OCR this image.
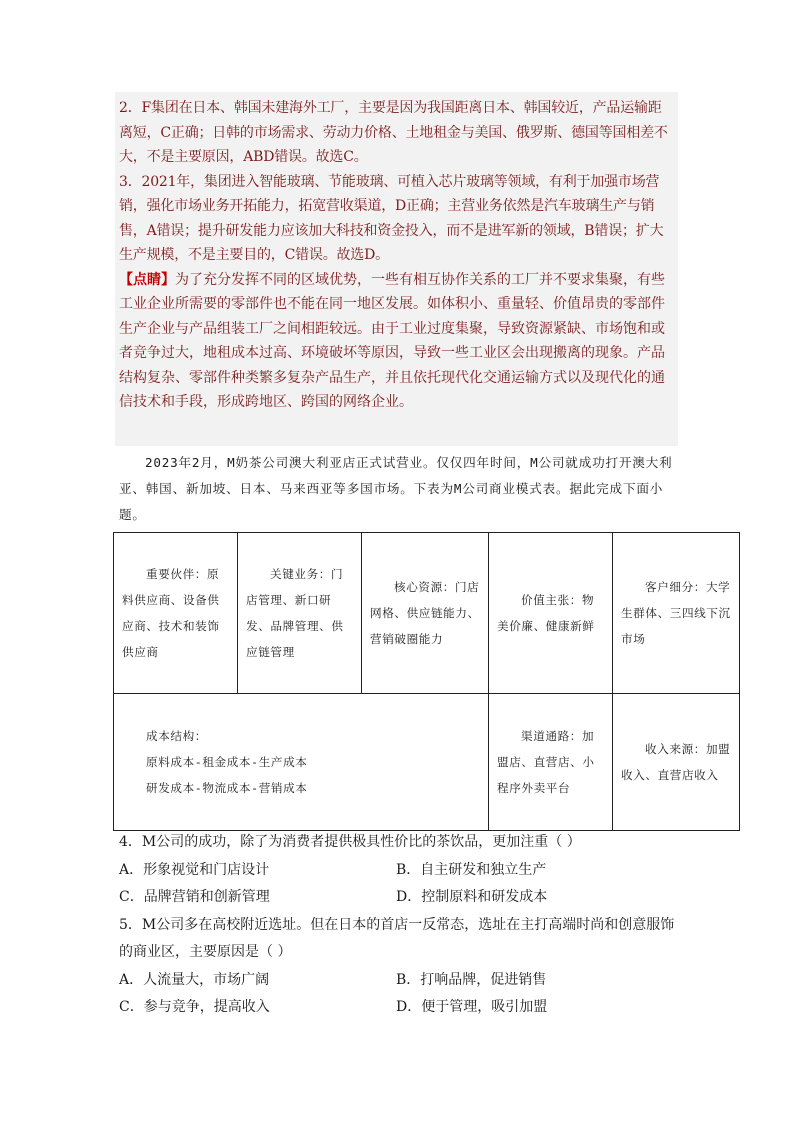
2．F集团在日本、韩国未建海外工厂，主要是因为我国距离日本、韩国较近，产品运输距离短，C正确；日韩的市场需求、劳动力价格、土地租金与美国、俄罗斯、德国等国相差不大，不是主要原因，ABD错误。故选C。

3．2021年，集团进入智能玻璃、节能玻璃、可植入芯片玻璃等领域，有利于加强市场营销，强化市场业务开拓能力，拓宽营收渠道，D正确；主营业务依然是汽车玻璃生产与销售，A错误；提升研发能力应该加大科技和资金投入，而不是进军新的领域，B错误；扩大生产规模，不是主要目的，C错误。故选D。

【点睛】为了充分发挥不同的区域优势，一些有相互协作关系的工厂并不要求集聚，有些工业企业所需要的零部件也不能在同一地区发展。如体积小、重量轻、价值昂贵的零部件生产企业与产品组装工厂之间相距较远。由于工业过度集聚，导致资源紧缺、市场饱和或者竞争过大，地租成本过高、环境破坏等原因，导致一些工业区会出现搬离的现象。产品结构复杂、零部件种类繁多复杂产品生产，并且依托现代化交通运输方式以及现代化的通信技术和手段，形成跨地区、跨国的网络企业。

2023年2月，M奶茶公司澳大利亚店正式试营业。仅仅四年时间，M公司就成功打开澳大利亚、韩国、新加坡、日本、马来西亚等多国市场。下表为M公司商业模式表。据此完成下面小题。
重要伙伴：原料供应商、设备供应商、技术和装饰供应商	关键业务：门店管理、新口研发、品牌管理、供应链管理	核心资源：门店网格、供应链能力、营销破圈能力	价值主张：物美价廉、健康新鲜	客户细分：大学生群体、三四线下沉市场

成本结构：
原料成本-租金成本-生产成本
研发成本-物流成本-营销成本			渠道通路：加盟店、直营店、小程序外卖平台	收入来源：加盟收入、直营店收入
4．M公司的成功，除了为消费者提供极具性价比的茶饮品，更加注重（ ）
A．形象视觉和门店设计	B．自主研发和独立生产
C．品牌营销和创新管理	D．控制原料和研发成本
5．M公司多在高校附近选址。但在日本的首店一反常态，选址在主打高端时尚和创意服饰的商业区，主要原因是（ ）
A．人流量大，市场广阔	B．打响品牌，促进销售
C．参与竞争，提高收入	D．便于管理，吸引加盟
